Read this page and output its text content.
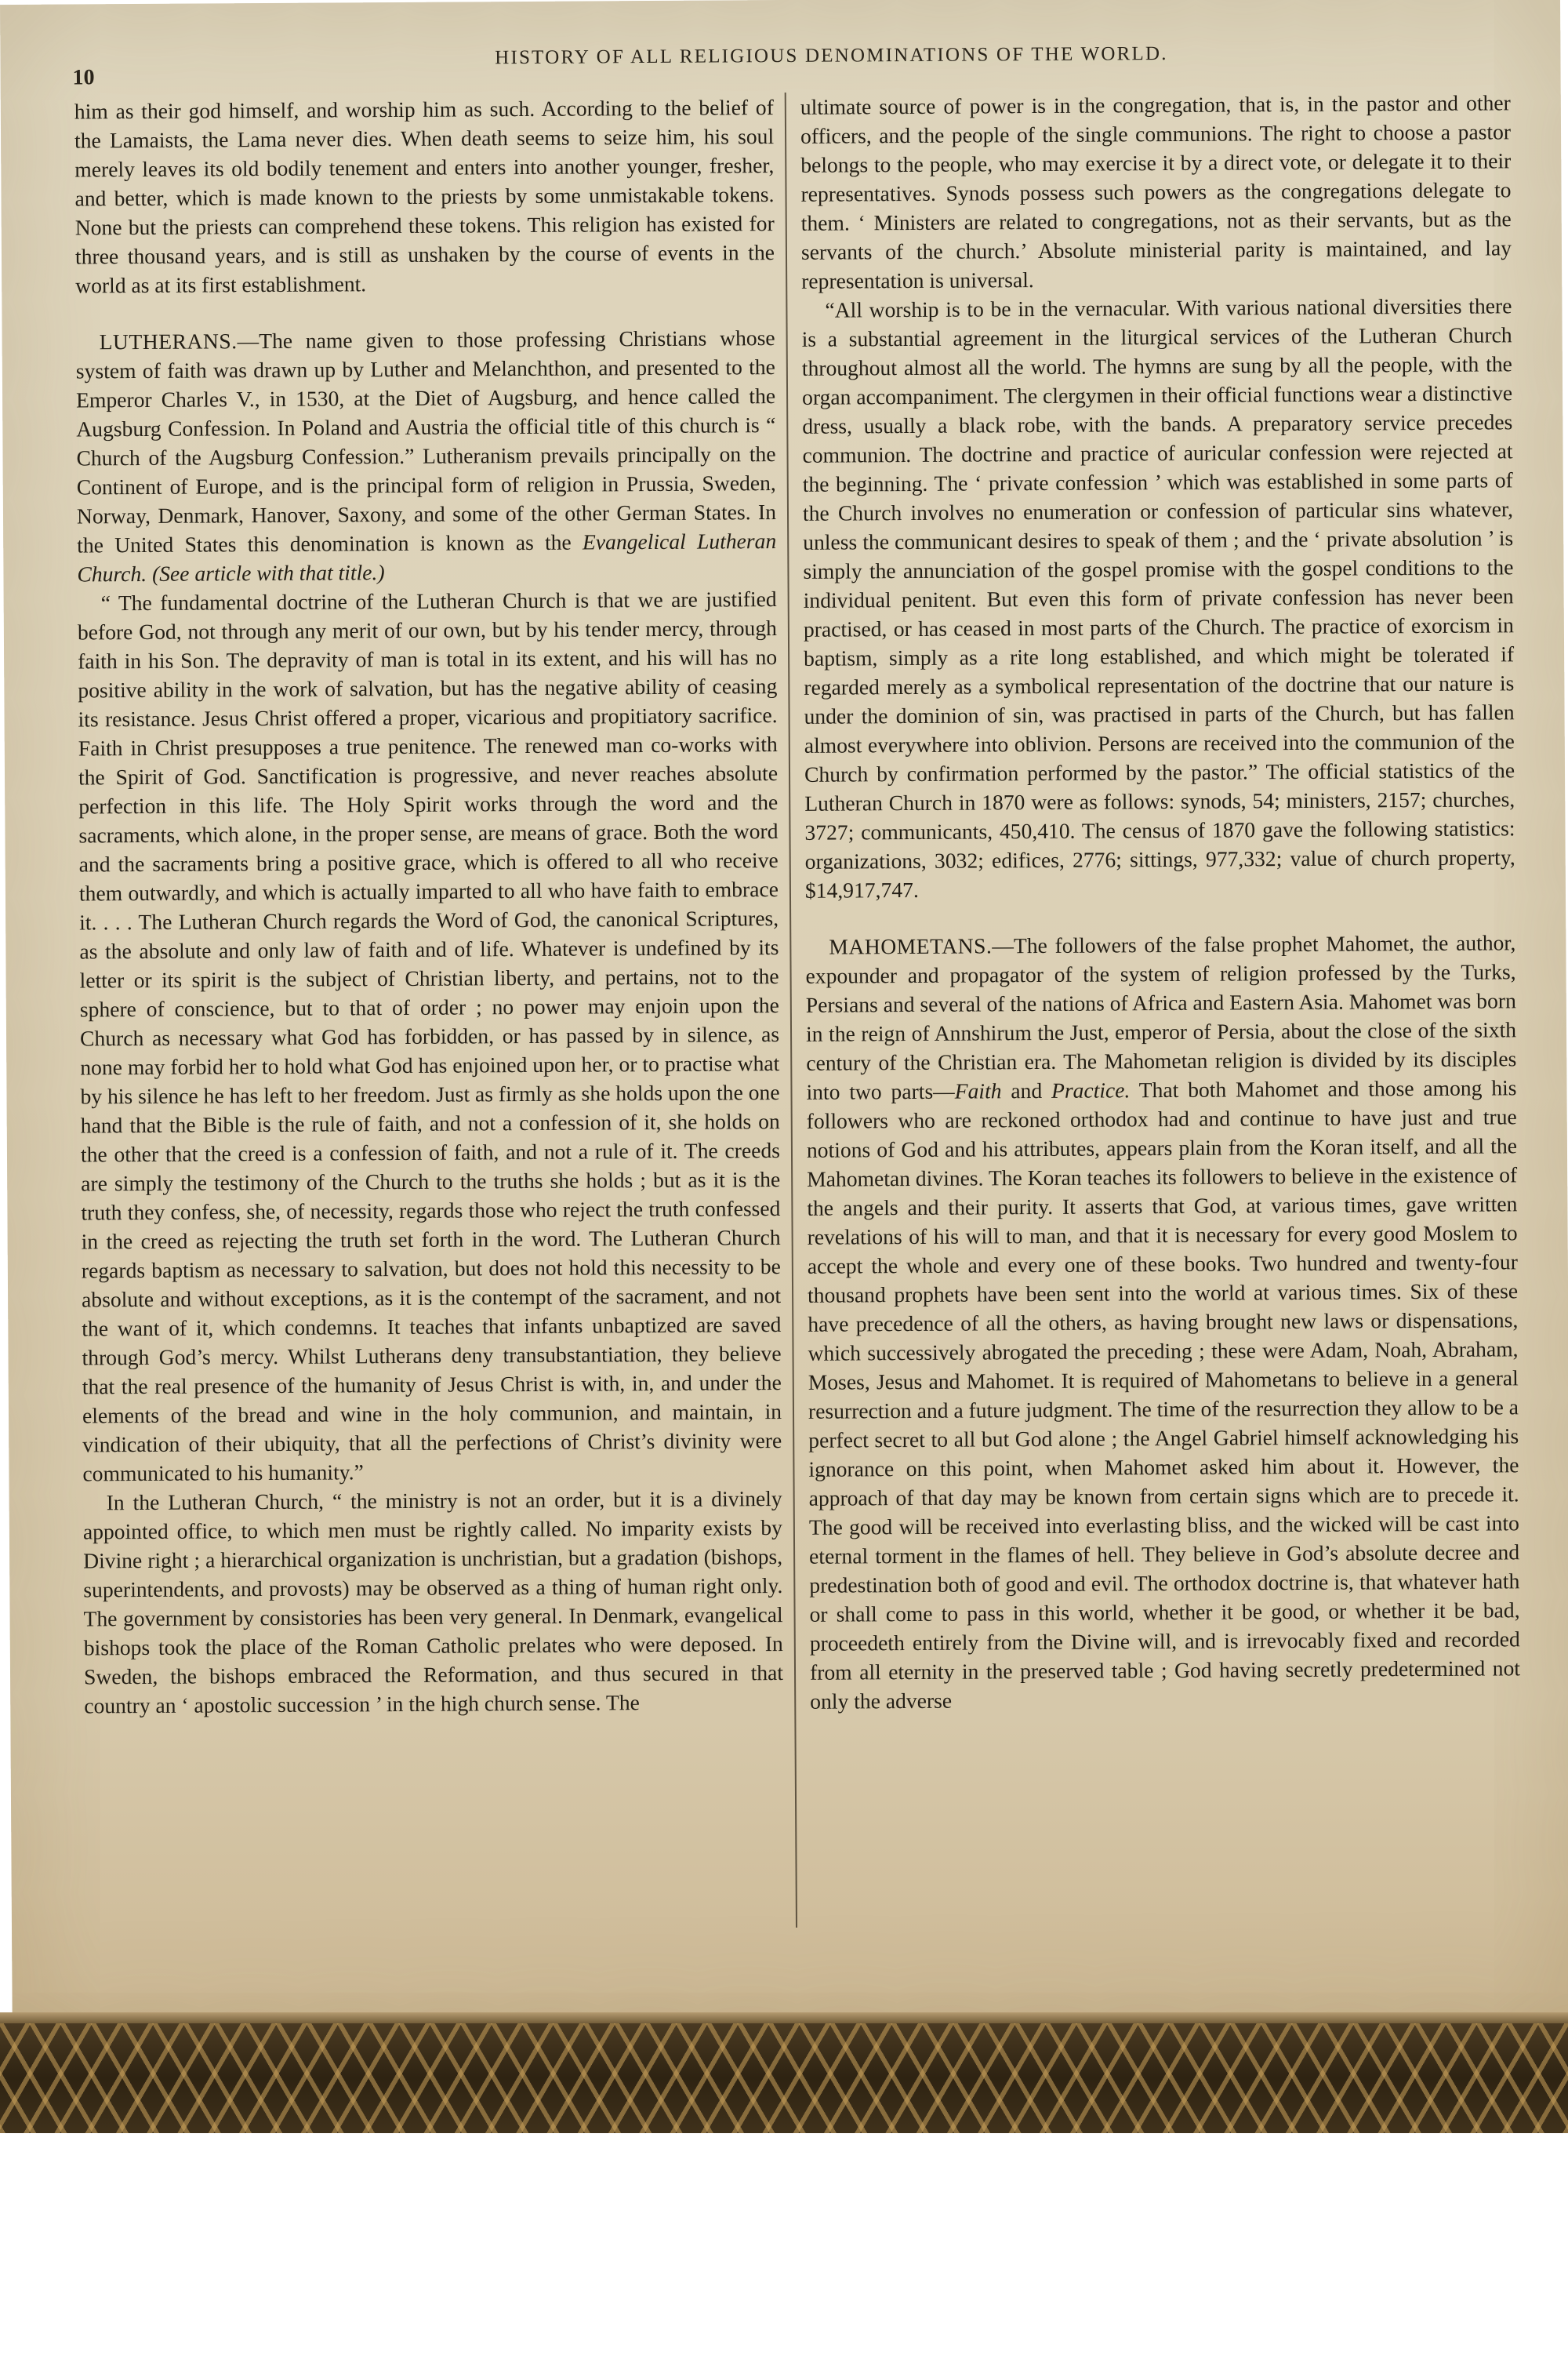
10
HISTORY OF ALL RELIGIOUS DENOMINATIONS OF THE WORLD.

him as their god himself, and worship him as such. According to the belief of the Lamaists, the Lama never dies. When death seems to seize him, his soul merely leaves its old bodily tenement and enters into another younger, fresher, and better, which is made known to the priests by some unmistakable tokens. None but the priests can comprehend these tokens. This religion has existed for three thousand years, and is still as unshaken by the course of events in the world as at its first establishment.

LUTHERANS.—The name given to those professing Christians whose system of faith was drawn up by Luther and Melanchthon, and presented to the Emperor Charles V., in 1530, at the Diet of Augsburg, and hence called the Augsburg Confession. In Poland and Austria the official title of this church is “ Church of the Augsburg Confession.” Lutheranism prevails principally on the Continent of Europe, and is the principal form of religion in Prussia, Sweden, Norway, Denmark, Hanover, Saxony, and some of the other German States. In the United States this denomination is known as the Evangelical Lutheran Church. (See article with that title.)

“ The fundamental doctrine of the Lutheran Church is that we are justified before God, not through any merit of our own, but by his tender mercy, through faith in his Son. The depravity of man is total in its extent, and his will has no positive ability in the work of salvation, but has the negative ability of ceasing its resistance. Jesus Christ offered a proper, vicarious and propitiatory sacrifice. Faith in Christ presupposes a true penitence. The renewed man co-works with the Spirit of God. Sanctification is progressive, and never reaches absolute perfection in this life. The Holy Spirit works through the word and the sacraments, which alone, in the proper sense, are means of grace. Both the word and the sacraments bring a positive grace, which is offered to all who receive them outwardly, and which is actually imparted to all who have faith to embrace it. . . . The Lutheran Church regards the Word of God, the canonical Scriptures, as the absolute and only law of faith and of life. Whatever is undefined by its letter or its spirit is the subject of Christian liberty, and pertains, not to the sphere of conscience, but to that of order ; no power may enjoin upon the Church as necessary what God has forbidden, or has passed by in silence, as none may forbid her to hold what God has enjoined upon her, or to practise what by his silence he has left to her freedom. Just as firmly as she holds upon the one hand that the Bible is the rule of faith, and not a confession of it, she holds on the other that the creed is a confession of faith, and not a rule of it. The creeds are simply the testimony of the Church to the truths she holds ; but as it is the truth they confess, she, of necessity, regards those who reject the truth confessed in the creed as rejecting the truth set forth in the word. The Lutheran Church regards baptism as necessary to salvation, but does not hold this necessity to be absolute and without exceptions, as it is the contempt of the sacrament, and not the want of it, which condemns. It teaches that infants unbaptized are saved through God’s mercy. Whilst Lutherans deny transubstantiation, they believe that the real presence of the humanity of Jesus Christ is with, in, and under the elements of the bread and wine in the holy communion, and maintain, in vindication of their ubiquity, that all the perfections of Christ’s divinity were communicated to his humanity.”

In the Lutheran Church, “ the ministry is not an order, but it is a divinely appointed office, to which men must be rightly called. No imparity exists by Divine right ; a hierarchical organization is unchristian, but a gradation (bishops, superintendents, and provosts) may be observed as a thing of human right only. The government by consistories has been very general. In Denmark, evangelical bishops took the place of the Roman Catholic prelates who were deposed. In Sweden, the bishops embraced the Reformation, and thus secured in that country an ‘ apostolic succession ’ in the high church sense. The

ultimate source of power is in the congregation, that is, in the pastor and other officers, and the people of the single communions. The right to choose a pastor belongs to the people, who may exercise it by a direct vote, or delegate it to their representatives. Synods possess such powers as the congregations delegate to them. ‘ Ministers are related to congregations, not as their servants, but as the servants of the church.’ Absolute ministerial parity is maintained, and lay representation is universal.

“All worship is to be in the vernacular. With various national diversities there is a substantial agreement in the liturgical services of the Lutheran Church throughout almost all the world. The hymns are sung by all the people, with the organ accompaniment. The clergymen in their official functions wear a distinctive dress, usually a black robe, with the bands. A preparatory service precedes communion. The doctrine and practice of auricular confession were rejected at the beginning. The ‘ private confession ’ which was established in some parts of the Church involves no enumeration or confession of particular sins whatever, unless the communicant desires to speak of them ; and the ‘ private absolution ’ is simply the annunciation of the gospel promise with the gospel conditions to the individual penitent. But even this form of private confession has never been practised, or has ceased in most parts of the Church. The practice of exorcism in baptism, simply as a rite long established, and which might be tolerated if regarded merely as a symbolical representation of the doctrine that our nature is under the dominion of sin, was practised in parts of the Church, but has fallen almost everywhere into oblivion. Persons are received into the communion of the Church by confirmation performed by the pastor.” The official statistics of the Lutheran Church in 1870 were as follows: synods, 54; ministers, 2157; churches, 3727; communicants, 450,410. The census of 1870 gave the following statistics: organizations, 3032; edifices, 2776; sittings, 977,332; value of church property, $14,917,747.

MAHOMETANS.—The followers of the false prophet Mahomet, the author, expounder and propagator of the system of religion professed by the Turks, Persians and several of the nations of Africa and Eastern Asia. Mahomet was born in the reign of Annshirum the Just, emperor of Persia, about the close of the sixth century of the Christian era. The Mahometan religion is divided by its disciples into two parts—Faith and Practice. That both Mahomet and those among his followers who are reckoned orthodox had and continue to have just and true notions of God and his attributes, appears plain from the Koran itself, and all the Mahometan divines. The Koran teaches its followers to believe in the existence of the angels and their purity. It asserts that God, at various times, gave written revelations of his will to man, and that it is necessary for every good Moslem to accept the whole and every one of these books. Two hundred and twenty-four thousand prophets have been sent into the world at various times. Six of these have precedence of all the others, as having brought new laws or dispensations, which successively abrogated the preceding ; these were Adam, Noah, Abraham, Moses, Jesus and Mahomet. It is required of Mahometans to believe in a general resurrection and a future judgment. The time of the resurrection they allow to be a perfect secret to all but God alone ; the Angel Gabriel himself acknowledging his ignorance on this point, when Mahomet asked him about it. However, the approach of that day may be known from certain signs which are to precede it. The good will be received into everlasting bliss, and the wicked will be cast into eternal torment in the flames of hell. They believe in God’s absolute decree and predestination both of good and evil. The orthodox doctrine is, that whatever hath or shall come to pass in this world, whether it be good, or whether it be bad, proceedeth entirely from the Divine will, and is irrevocably fixed and recorded from all eternity in the preserved table ; God having secretly predetermined not only the adverse
